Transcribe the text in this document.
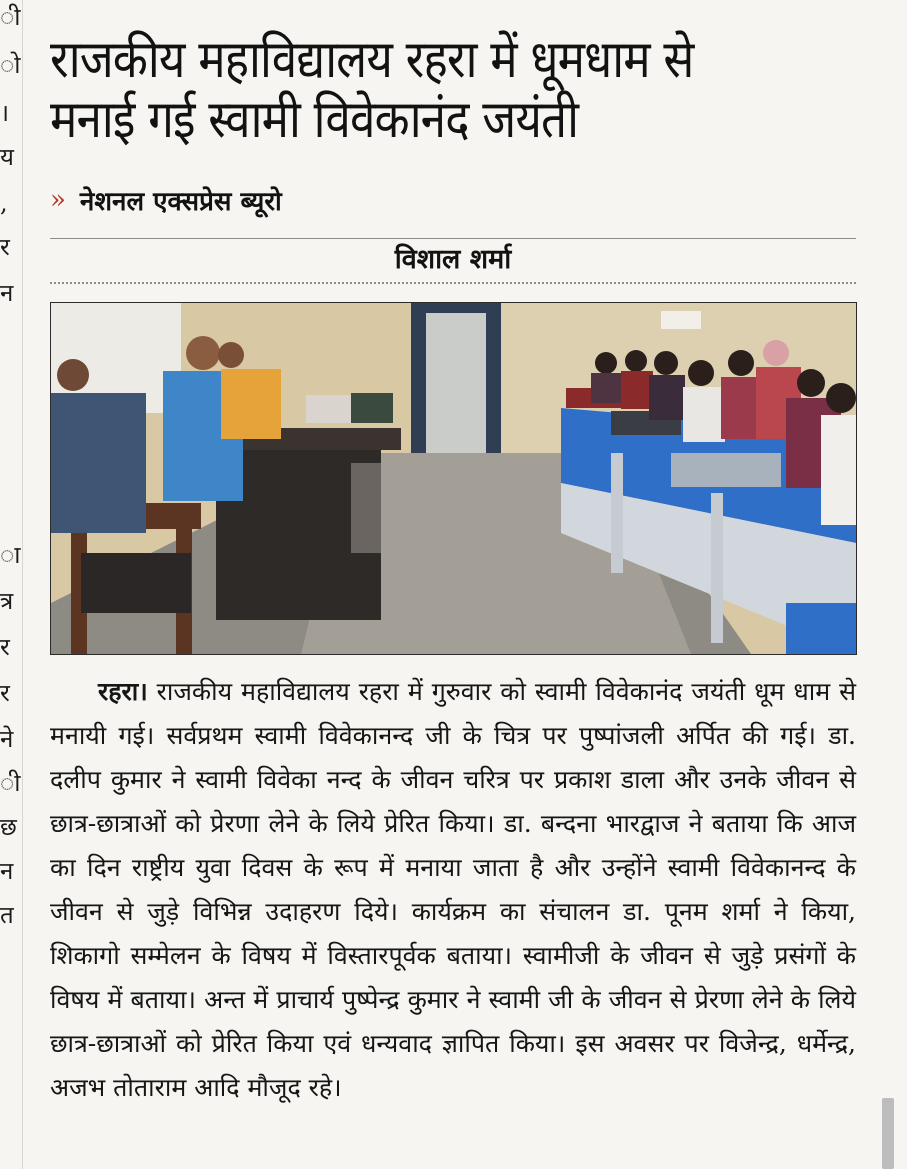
ी
ो
।
य
,
र
न
ा
त्र
र
र
ने
ी
छ
न
त
राजकीय महाविद्यालय रहरा में धूमधाम से मनाई गई स्वामी विवेकानंद जयंती
» नेशनल एक्सप्रेस ब्यूरो
विशाल शर्मा

रहरा। राजकीय महाविद्यालय रहरा में गुरुवार को स्वामी विवेकानंद जयंती धूम धाम से मनायी गई। सर्वप्रथम स्वामी विवेकानन्द जी के चित्र पर पुष्पांजली अर्पित की गई। डा. दलीप कुमार ने स्वामी विवेका नन्द के जीवन चरित्र पर प्रकाश डाला और उनके जीवन से छात्र-छात्राओं को प्रेरणा लेने के लिये प्रेरित किया। डा. बन्दना भारद्वाज ने बताया कि आज का दिन राष्ट्रीय युवा दिवस के रूप में मनाया जाता है और उन्होंने स्वामी विवेकानन्द के जीवन से जुड़े विभिन्न उदाहरण दिये। कार्यक्रम का संचालन डा. पूनम शर्मा ने किया, शिकागो सम्मेलन के विषय में विस्तारपूर्वक बताया। स्वामीजी के जीवन से जुड़े प्रसंगों के विषय में बताया। अन्त में प्राचार्य पुष्पेन्द्र कुमार ने स्वामी जी के जीवन से प्रेरणा लेने के लिये छात्र-छात्राओं को प्रेरित किया एवं धन्यवाद ज्ञापित किया। इस अवसर पर विजेन्द्र, धर्मेन्द्र, अजभ तोताराम आदि मौजूद रहे।
